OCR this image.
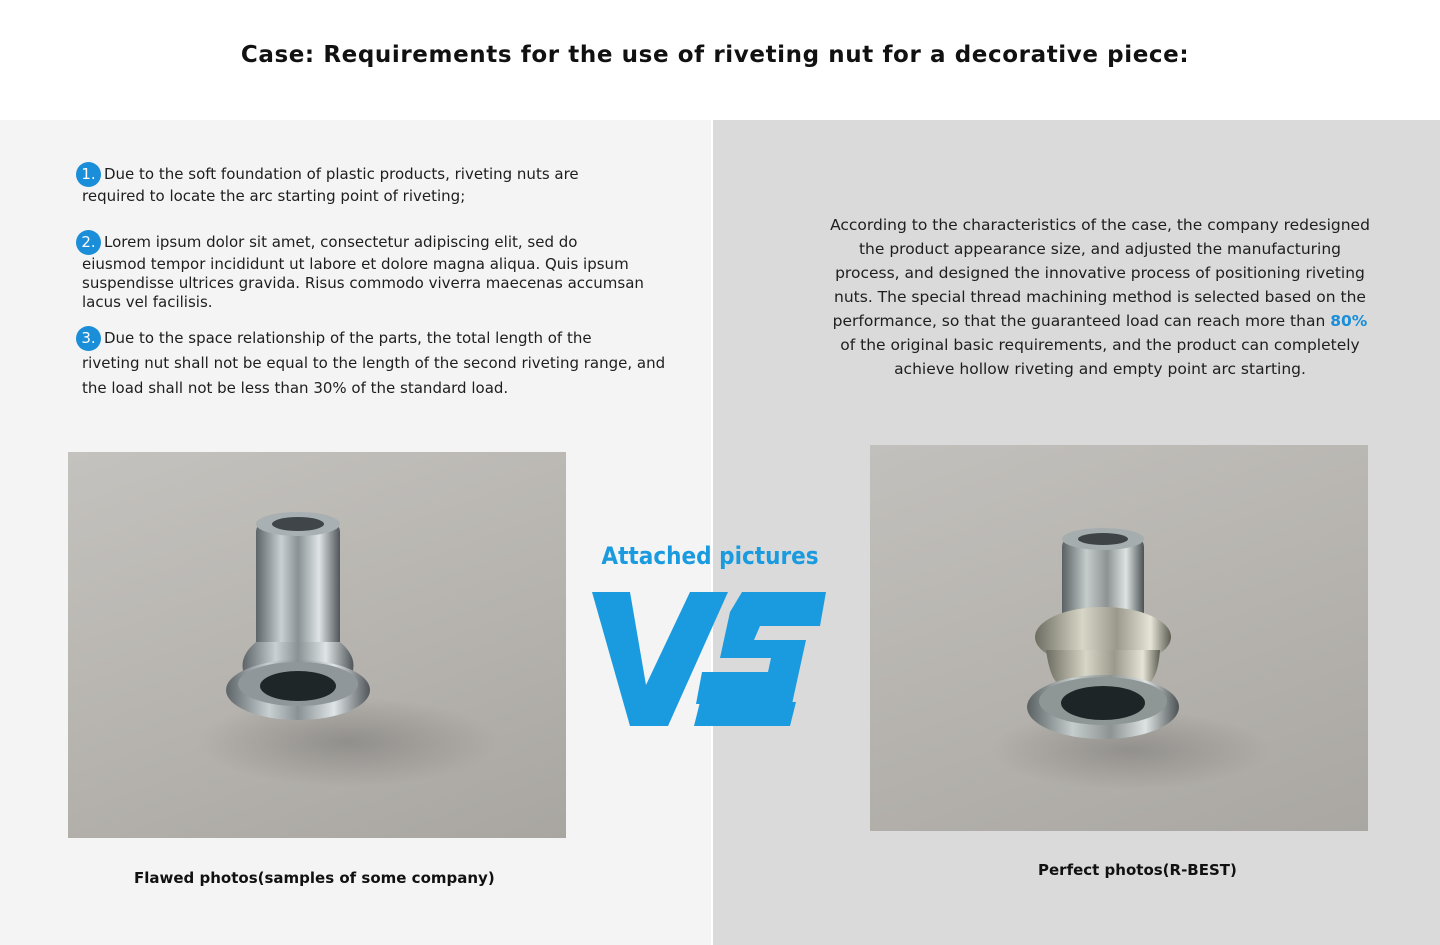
Case: Requirements for the use of riveting nut for a decorative piece:
1. Due to the soft foundation of plastic products, riveting nuts are
required to locate the arc starting point of riveting;
2. Lorem ipsum dolor sit amet, consectetur adipiscing elit, sed do
eiusmod tempor incididunt ut labore et dolore magna aliqua. Quis ipsum suspendisse ultrices gravida. Risus commodo viverra maecenas accumsan lacus vel facilisis.
3. Due to the space relationship of the parts, the total length of the
riveting nut shall not be equal to the length of the second riveting range, and the load shall not be less than 30% of the standard load.

According to the characteristics of the case, the company redesigned the product appearance size, and adjusted the manufacturing process, and designed the innovative process of positioning riveting nuts. The special thread machining method is selected based on the performance, so that the guaranteed load can reach more than 80% of the original basic requirements, and the product can completely achieve hollow riveting and empty point arc starting.

Attached pictures
VS
Flawed photos(samples of some company)	Perfect photos(R-BEST)
